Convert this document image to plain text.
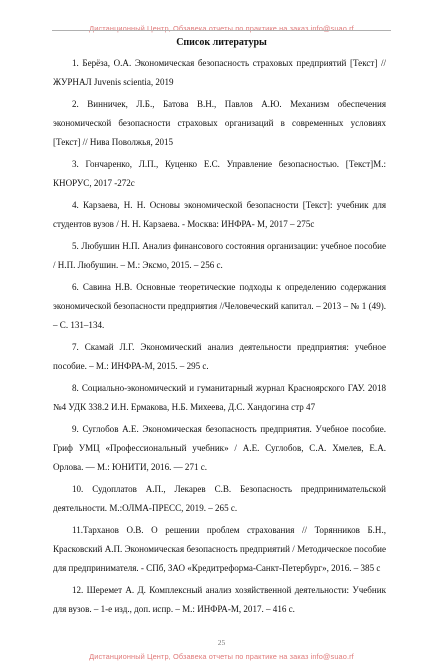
Дистанционный Центр, Обзавека отчеты по практике на заказ info@suao.rf
Список литературы

1. Берёза, О.А. Экономическая безопасность страховых предприятий [Текст] // ЖУРНАЛ Juvenis scientia, 2019

2. Винничек, Л.Б., Батова В.Н., Павлов А.Ю. Механизм обеспечения экономической безопасности страховых организаций в современных условиях [Текст] // Нива Поволжья, 2015

3. Гончаренко, Л.П., Куценко Е.С. Управление безопасностью. [Текст]М.: КНОРУС, 2017 -272с

4. Карзаева, Н. Н. Основы экономической безопасности [Текст]: учебник для студентов вузов / Н. Н. Карзаева. - Москва: ИНФРА- М, 2017 – 275с

5. Любушин Н.П. Анализ финансового состояния организации: учебное пособие / Н.П. Любушин. – М.: Эксмо, 2015. – 256 с.

6. Савина Н.В. Основные теоретические подходы к определению содержания экономической безопасности предприятия //Человеческий капитал. – 2013 – № 1 (49). – С. 131–134.

7. Скамай Л.Г. Экономический анализ деятельности предприятия: учебное пособие. – М.: ИНФРА-М, 2015. – 295 с.

8. Социально-экономический и гуманитарный журнал Красноярского ГАУ. 2018 №4 УДК 338.2 И.Н. Ермакова, Н.Б. Михеева, Д.С. Хандогина стр 47

9. Суглобов А.Е. Экономическая безопасность предприятия. Учебное пособие. Гриф УМЦ «Профессиональный учебник» / А.Е. Суглобов, С.А. Хмелев, Е.А. Орлова. — М.: ЮНИТИ, 2016. — 271 с.

10. Судоплатов А.П., Лекарев С.В. Безопасность предпринимательской деятельности. М.:ОЛМА-ПРЕСС, 2019. – 265 с.

11.Тарханов О.В. О решении проблем страхования // Торянников Б.Н., Красковский А.П. Экономическая безопасность предприятий / Методическое пособие для предпринимателя. - СПб, ЗАО «Кредитреформа-Санкт-Петербург», 2016. – 385 с

12. Шеремет А. Д. Комплексный анализ хозяйственной деятельности: Учебник для вузов. – 1-е изд., доп. испр. – М.: ИНФРА-М, 2017. – 416 с.

25
Дистанционный Центр, Обзавека отчеты по практике на заказ info@suao.rf
